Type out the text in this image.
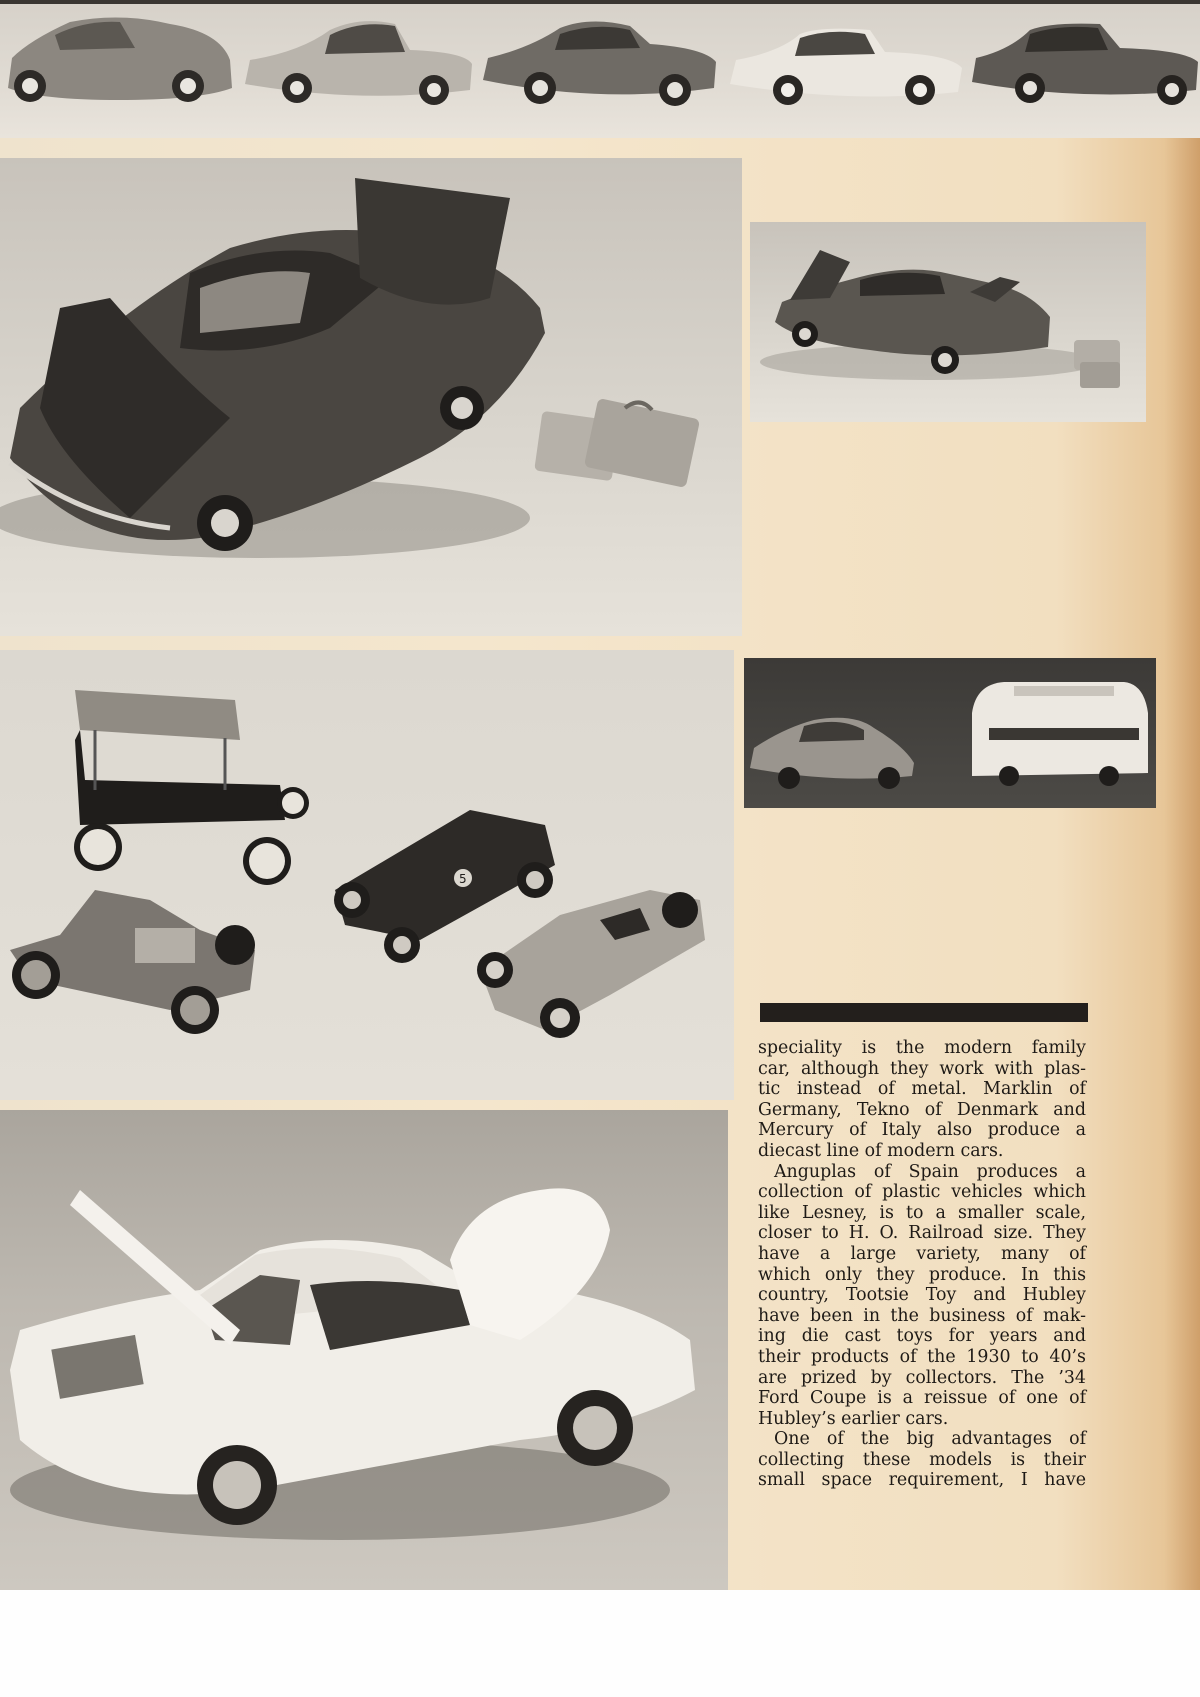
5
speciality is the modern family
car, although they work with plas-
tic instead of metal. Marklin of
Germany, Tekno of Denmark and
Mercury of Italy also produce a
diecast line of modern cars.
Anguplas of Spain produces a
collection of plastic vehicles which
like Lesney, is to a smaller scale,
closer to H. O. Railroad size. They
have a large variety, many of
which only they produce. In this
country, Tootsie Toy and Hubley
have been in the business of mak-
ing die cast toys for years and
their products of the 1930 to 40’s
are prized by collectors. The ’34
Ford Coupe is a reissue of one of
Hubley’s earlier cars.
One of the big advantages of
collecting these models is their
small space requirement, I have
